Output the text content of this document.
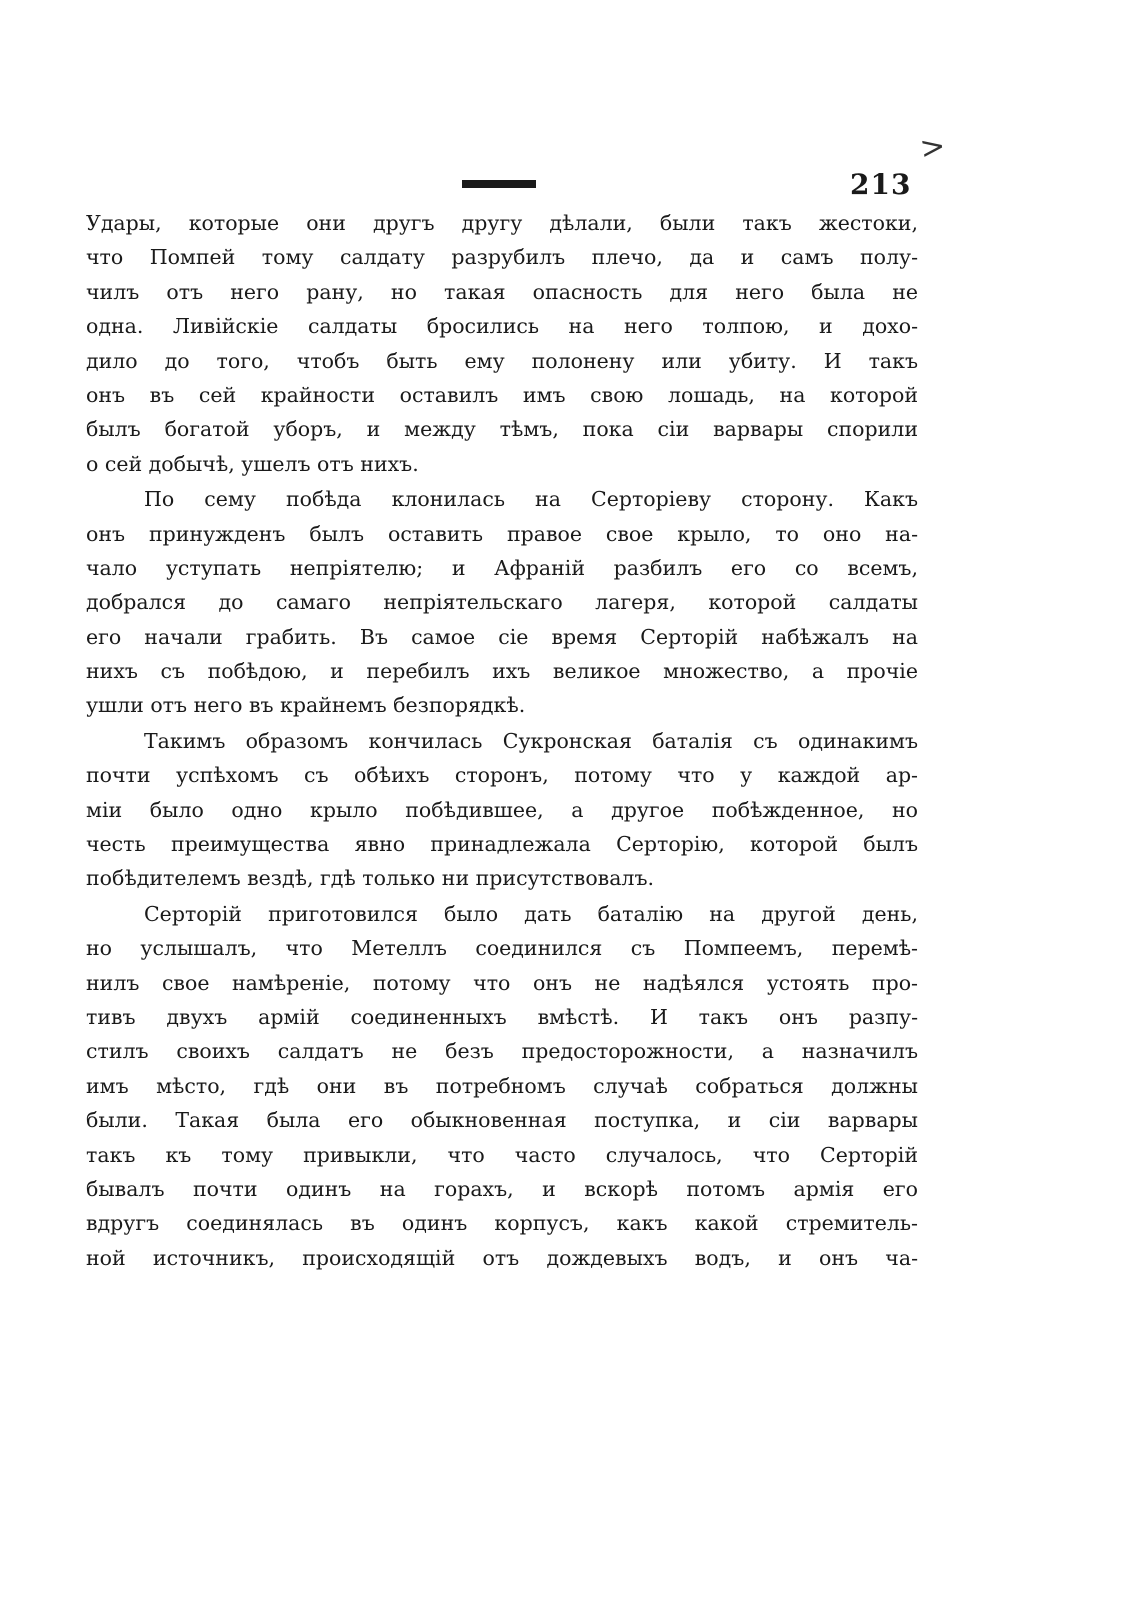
>
213
Удары, которые они другъ другу дѣлали, были такъ жестоки,
что Помпей тому салдату разрубилъ плечо, да и самъ полу-
чилъ отъ него рану, но такая опасность для него была не
одна. Ливійскіе салдаты бросились на него толпою, и дохо-
дило до того, чтобъ быть ему полонену или убиту. И такъ
онъ въ сей крайности оставилъ имъ свою лошадь, на которой
былъ богатой уборъ, и между тѣмъ, пока сіи варвары спорили
о сей добычѣ, ушелъ отъ нихъ.
По сему побѣда клонилась на Серторіеву сторону. Какъ
онъ принужденъ былъ оставить правое свое крыло, то оно на-
чало уступать непріятелю; и Афраній разбилъ его со всемъ,
добрался до самаго непріятельскаго лагеря, которой салдаты
его начали грабить. Въ самое сіе время Серторій набѣжалъ на
нихъ съ побѣдою, и перебилъ ихъ великое множество, а прочіе
ушли отъ него въ крайнемъ безпорядкѣ.
Такимъ образомъ кончилась Сукронская баталія съ одинакимъ
почти успѣхомъ съ обѣихъ сторонъ, потому что у каждой ар-
міи было одно крыло побѣдившее, а другое побѣжденное, но
честь преимущества явно принадлежала Серторію, которой былъ
побѣдителемъ вездѣ, гдѣ только ни присутствовалъ.
Серторій приготовился было дать баталію на другой день,
но услышалъ, что Метеллъ соединился съ Помпеемъ, перемѣ-
нилъ свое намѣреніе, потому что онъ не надѣялся устоять про-
тивъ двухъ армій соединенныхъ вмѣстѣ. И такъ онъ разпу-
стилъ своихъ салдатъ не безъ предосторожности, а назначилъ
имъ мѣсто, гдѣ они въ потребномъ случаѣ собраться должны
были. Такая была его обыкновенная поступка, и сіи варвары
такъ къ тому привыкли, что часто случалось, что Серторій
бывалъ почти одинъ на горахъ, и вскорѣ потомъ армія его
вдругъ соединялась въ одинъ корпусъ, какъ какой стремитель-
ной источникъ, происходящій отъ дождевыхъ водъ, и онъ ча-
